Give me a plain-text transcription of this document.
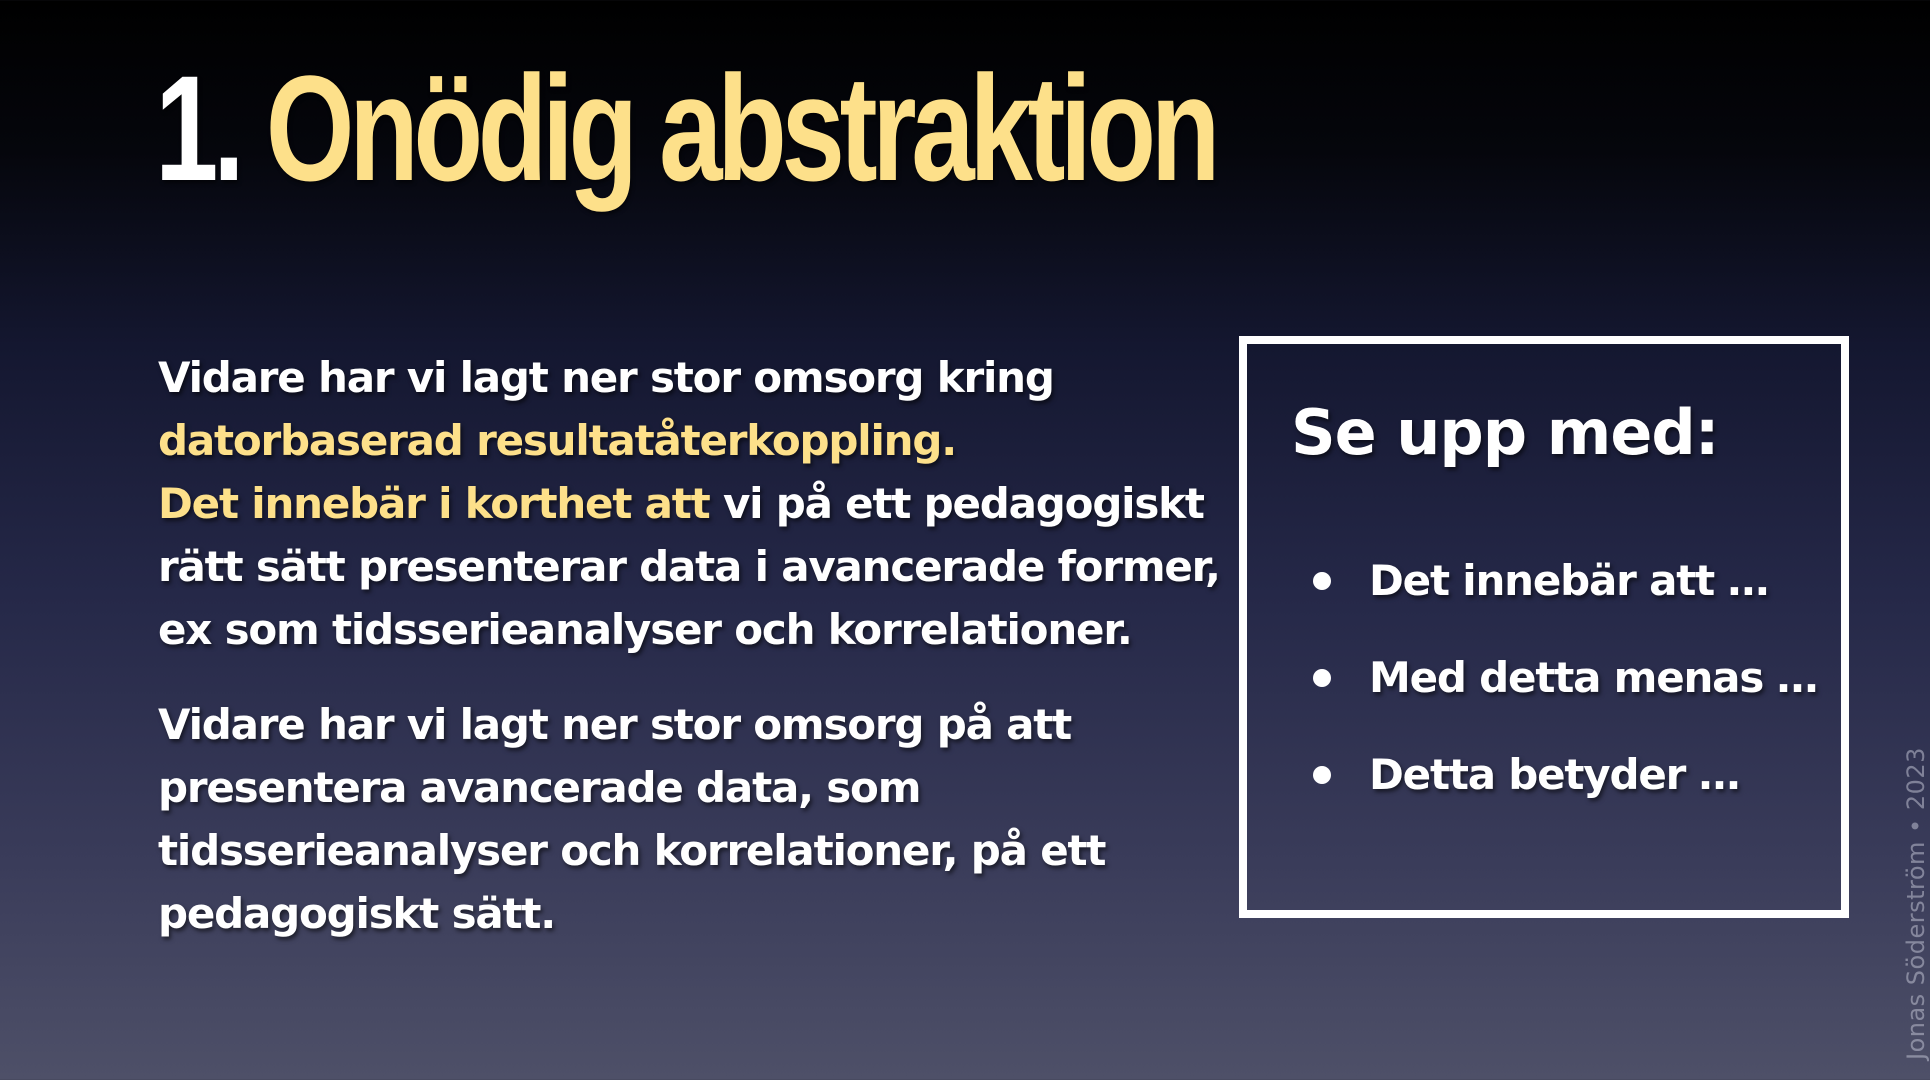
1. Onödig abstraktion

Vidare har vi lagt ner stor omsorg kring
datorbaserad resultatåterkoppling.
Det innebär i korthet att vi på ett pedagogiskt rätt sätt presenterar data i avancerade former, ex som tidsserieanalyser och korrelationer.

Vidare har vi lagt ner stor omsorg på att presentera avancerade data, som tidsserieanalyser och korrelationer, på ett pedagogiskt sätt.

Se upp med:
Det innebär att …
Med detta menas …
Detta betyder …	Jonas Söderström • 2023
